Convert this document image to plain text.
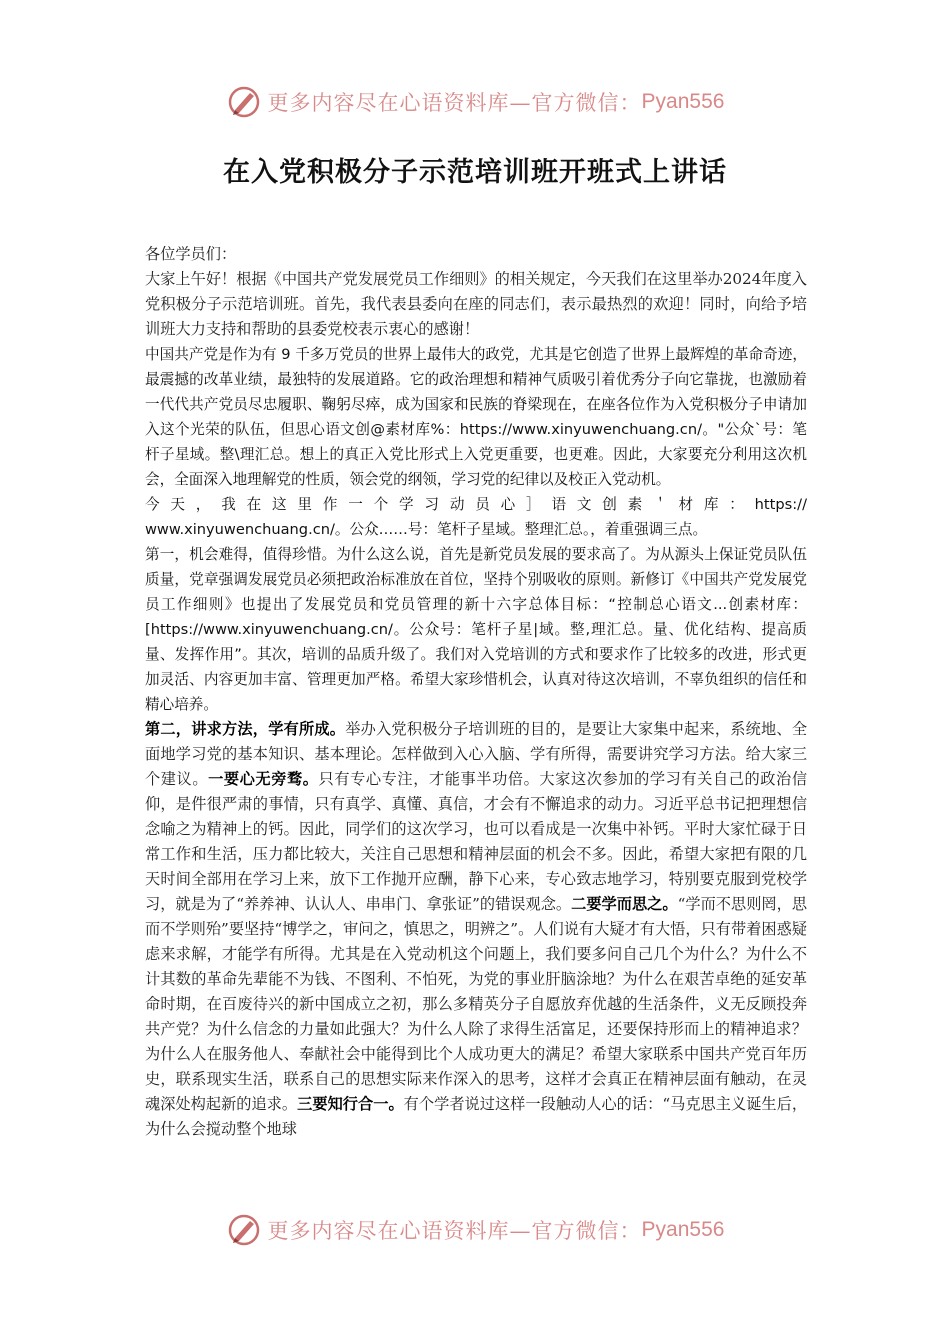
更多内容尽在心语资料库—官方微信： Pyan556
在入党积极分子示范培训班开班式上讲话

各位学员们：

大家上午好！根据《中国共产党发展党员工作细则》的相关规定，今天我们在这里举办2024年度入党积极分子示范培训班。首先，我代表县委向在座的同志们，表示最热烈的欢迎！同时，向给予培训班大力支持和帮助的县委党校表示衷心的感谢！

中国共产党是作为有 9 千多万党员的世界上最伟大的政党，尤其是它创造了世界上最辉煌的革命奇迹，最震撼的改革业绩，最独特的发展道路。它的政治理想和精神气质吸引着优秀分子向它靠拢，也激励着一代代共产党员尽忠履职、鞠躬尽瘁，成为国家和民族的脊梁现在，在座各位作为入党积极分子申请加入这个光荣的队伍，但思心语文创@素材库%：https://www.xinyuwenchuang.cn/。"公众`号：笔杆子星域。整\理汇总。想上的真正入党比形式上入党更重要，也更难。因此，大家要充分利用这次机会，全面深入地理解党的性质，领会党的纲领，学习党的纪律以及校正入党动机。

今天，我在这里作一个学习动员心］语文创素＇材库：https://

www.xinyuwenchuang.cn/。公众……号：笔杆子星域。整理汇总。，着重强调三点。

第一，机会难得，值得珍惜。为什么这么说，首先是新党员发展的要求高了。为从源头上保证党员队伍质量，党章强调发展党员必须把政治标准放在首位，坚持个别吸收的原则。新修订《中国共产党发展党员工作细则》也提出了发展党员和党员管理的新十六字总体目标：“控制总心语文...创素材库：[https://www.xinyuwenchuang.cn/。公众号：笔杆子星|域。整,理汇总。量、优化结构、提高质量、发挥作用”。其次，培训的品质升级了。我们对入党培训的方式和要求作了比较多的改进，形式更加灵活、内容更加丰富、管理更加严格。希望大家珍惜机会，认真对待这次培训，不辜负组织的信任和精心培养。

第二，讲求方法，学有所成。举办入党积极分子培训班的目的，是要让大家集中起来，系统地、全面地学习党的基本知识、基本理论。怎样做到入心入脑、学有所得，需要讲究学习方法。给大家三个建议。一要心无旁骛。只有专心专注，才能事半功倍。大家这次参加的学习有关自己的政治信仰，是件很严肃的事情，只有真学、真懂、真信，才会有不懈追求的动力。习近平总书记把理想信念喻之为精神上的钙。因此，同学们的这次学习，也可以看成是一次集中补钙。平时大家忙碌于日常工作和生活，压力都比较大，关注自己思想和精神层面的机会不多。因此，希望大家把有限的几天时间全部用在学习上来，放下工作抛开应酬，静下心来，专心致志地学习，特别要克服到党校学习，就是为了“养养神、认认人、串串门、拿张证”的错误观念。二要学而思之。“学而不思则罔，思而不学则殆”要坚持“博学之，审问之，慎思之，明辨之”。人们说有大疑才有大悟，只有带着困惑疑虑来求解，才能学有所得。尤其是在入党动机这个问题上，我们要多问自己几个为什么？为什么不计其数的革命先辈能不为钱、不图利、不怕死，为党的事业肝脑涂地？为什么在艰苦卓绝的延安革命时期，在百废待兴的新中国成立之初，那么多精英分子自愿放弃优越的生活条件，义无反顾投奔共产党？为什么信念的力量如此强大？为什么人除了求得生活富足，还要保持形而上的精神追求？为什么人在服务他人、奉献社会中能得到比个人成功更大的满足？希望大家联系中国共产党百年历史，联系现实生活，联系自己的思想实际来作深入的思考，这样才会真正在精神层面有触动，在灵魂深处构起新的追求。三要知行合一。有个学者说过这样一段触动人心的话：“马克思主义诞生后，为什么会搅动整个地球

更多内容尽在心语资料库—官方微信： Pyan556
